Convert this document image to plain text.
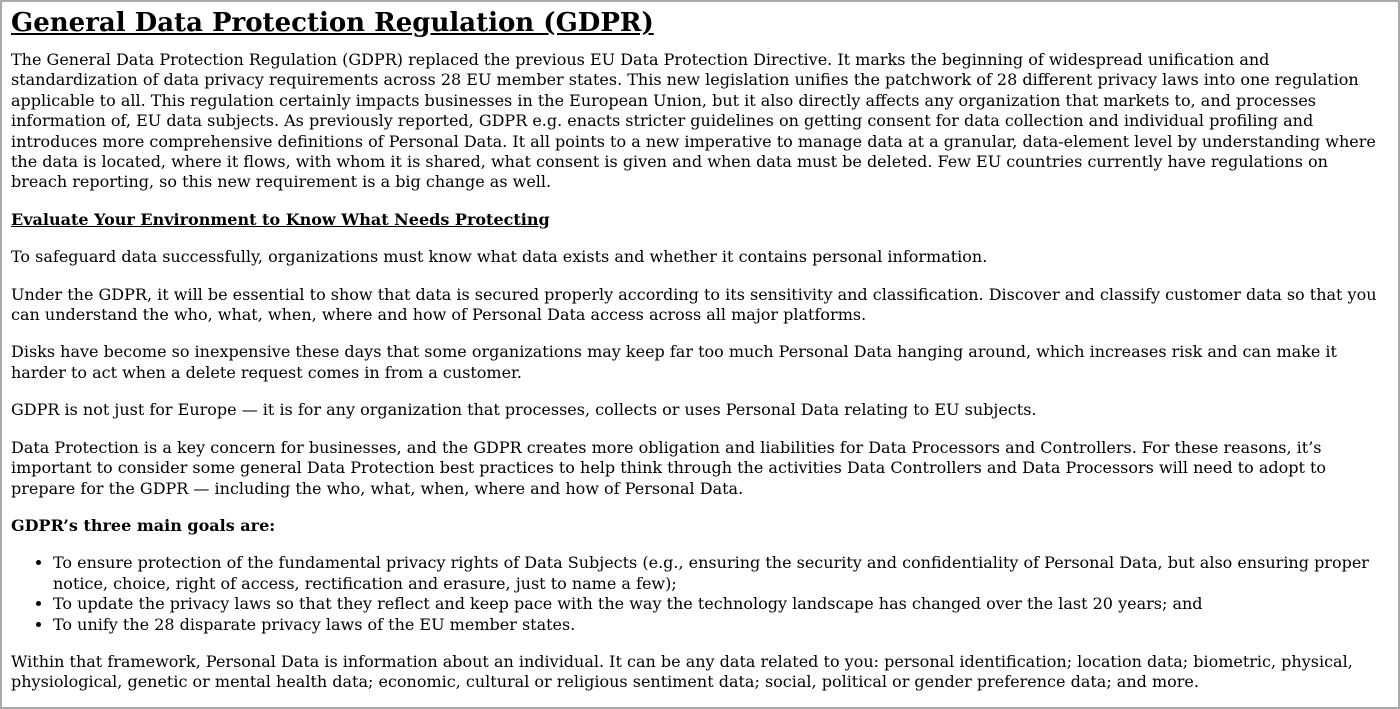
General Data Protection Regulation (GDPR)

The General Data Protection Regulation (GDPR) replaced the previous EU Data Protection Directive. It marks the beginning of widespread unification and standardization of data privacy requirements across 28 EU member states. This new legislation unifies the patchwork of 28 different privacy laws into one regulation applicable to all. This regulation certainly impacts businesses in the European Union, but it also directly affects any organization that markets to, and processes information of, EU data subjects. As previously reported, GDPR e.g. enacts stricter guidelines on getting consent for data collection and individual profiling and introduces more comprehensive definitions of Personal Data. It all points to a new imperative to manage data at a granular, data-element level by understanding where the data is located, where it flows, with whom it is shared, what consent is given and when data must be deleted. Few EU countries currently have regulations on breach reporting, so this new requirement is a big change as well.

Evaluate Your Environment to Know What Needs Protecting

To safeguard data successfully, organizations must know what data exists and whether it contains personal information.

Under the GDPR, it will be essential to show that data is secured properly according to its sensitivity and classification. Discover and classify customer data so that you can understand the who, what, when, where and how of Personal Data access across all major platforms.

Disks have become so inexpensive these days that some organizations may keep far too much Personal Data hanging around, which increases risk and can make it harder to act when a delete request comes in from a customer.

GDPR is not just for Europe — it is for any organization that processes, collects or uses Personal Data relating to EU subjects.

Data Protection is a key concern for businesses, and the GDPR creates more obligation and liabilities for Data Processors and Controllers. For these reasons, it’s important to consider some general Data Protection best practices to help think through the activities Data Controllers and Data Processors will need to adopt to prepare for the GDPR — including the who, what, when, where and how of Personal Data.

GDPR’s three main goals are:

• To ensure protection of the fundamental privacy rights of Data Subjects (e.g., ensuring the security and confidentiality of Personal Data, but also ensuring proper notice, choice, right of access, rectification and erasure, just to name a few);
• To update the privacy laws so that they reflect and keep pace with the way the technology landscape has changed over the last 20 years; and
• To unify the 28 disparate privacy laws of the EU member states.

Within that framework, Personal Data is information about an individual. It can be any data related to you: personal identification; location data; biometric, physical, physiological, genetic or mental health data; economic, cultural or religious sentiment data; social, political or gender preference data; and more.
